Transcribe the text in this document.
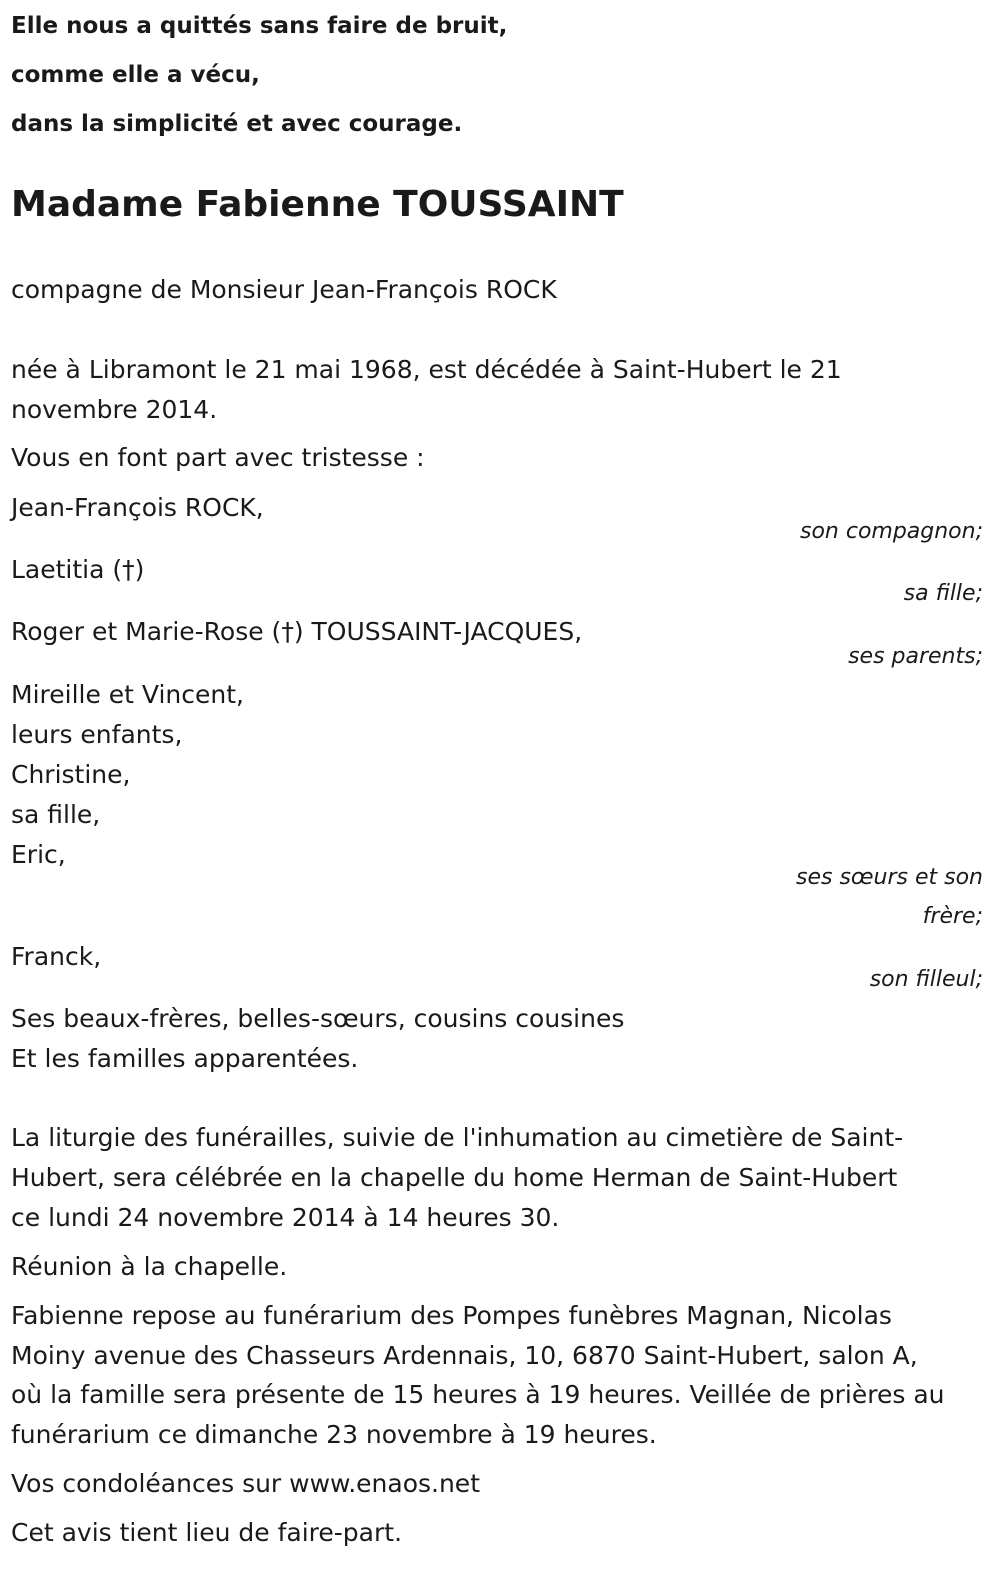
Elle nous a quittés sans faire de bruit,

comme elle a vécu,

dans la simplicité et avec courage.

Madame Fabienne TOUSSAINT

compagne de Monsieur Jean-François ROCK

née à Libramont le 21 mai 1968, est décédée à Saint-Hubert le 21 novembre 2014.

Vous en font part avec tristesse :

Jean-François ROCK,

son compagnon;

Laetitia (†)

sa fille;

Roger et Marie-Rose (†) TOUSSAINT-JACQUES,

ses parents;

Mireille et Vincent,

leurs enfants,

Christine,

sa fille,

Eric,

ses sœurs et son

frère;

Franck,

son filleul;

Ses beaux-frères, belles-sœurs, cousins cousines

Et les familles apparentées.

La liturgie des funérailles, suivie de l'inhumation au cimetière de Saint-

Hubert, sera célébrée en la chapelle du home Herman de Saint-Hubert

ce lundi 24 novembre 2014 à 14 heures 30.

Réunion à la chapelle.

Fabienne repose au funérarium des Pompes funèbres Magnan, Nicolas

Moiny avenue des Chasseurs Ardennais, 10, 6870 Saint-Hubert, salon A,

où la famille sera présente de 15 heures à 19 heures. Veillée de prières au

funérarium ce dimanche 23 novembre à 19 heures.

Vos condoléances sur www.enaos.net

Cet avis tient lieu de faire-part.
